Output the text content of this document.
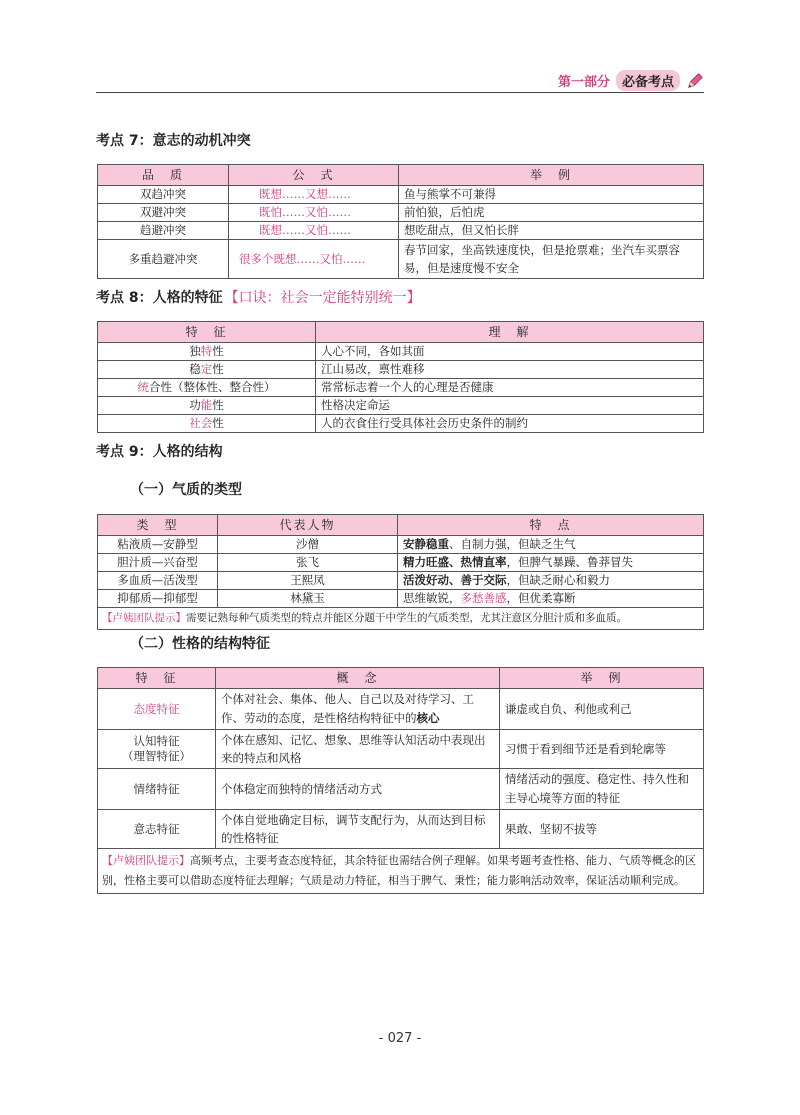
第一部分 必备考点
考点 7：意志的动机冲突
品　质	公　式	举　例
双趋冲突	既想……又想……	鱼与熊掌不可兼得
双避冲突	既怕……又怕……	前怕狼，后怕虎
趋避冲突	既想……又怕……	想吃甜点，但又怕长胖
多重趋避冲突	很多个既想……又怕……	春节回家，坐高铁速度快，但是抢票难；坐汽车买票容易，但是速度慢不安全
考点 8：人格的特征 【口诀：社会一定能特别统一】
特　征	理　解
独特性	人心不同，各如其面
稳定性	江山易改，禀性难移
统合性（整体性、整合性）	常常标志着一个人的心理是否健康
功能性	性格决定命运
社会性	人的衣食住行受具体社会历史条件的制约
考点 9：人格的结构
（一）气质的类型
类　型	代表人物	特　点
粘液质—安静型	沙僧	安静稳重、自制力强，但缺乏生气
胆汁质—兴奋型	张飞	精力旺盛、热情直率，但脾气暴躁、鲁莽冒失
多血质—活泼型	王熙凤	活泼好动、善于交际，但缺乏耐心和毅力
抑郁质—抑郁型	林黛玉	思维敏锐，多愁善感，但优柔寡断
【卢姨团队提示】需要记熟每种气质类型的特点并能区分题干中学生的气质类型，尤其注意区分胆汁质和多血质。		
（二）性格的结构特征
特　征	概　念	举　例
态度特征	个体对社会、集体、他人、自己以及对待学习、工作、劳动的态度，是性格结构特征中的核心	谦虚或自负、利他或利己

认知特征
（理智特征）	个体在感知、记忆、想象、思维等认知活动中表现出来的特点和风格	习惯于看到细节还是看到轮廓等
情绪特征	个体稳定而独特的情绪活动方式	情绪活动的强度、稳定性、持久性和主导心境等方面的特征
意志特征	个体自觉地确定目标，调节支配行为，从而达到目标的性格特征	果敢、坚韧不拔等
【卢姨团队提示】高频考点，主要考查态度特征，其余特征也需结合例子理解。如果考题考查性格、能力、气质等概念的区别，性格主要可以借助态度特征去理解；气质是动力特征，相当于脾气、秉性；能力影响活动效率，保证活动顺利完成。		
- 027 -
